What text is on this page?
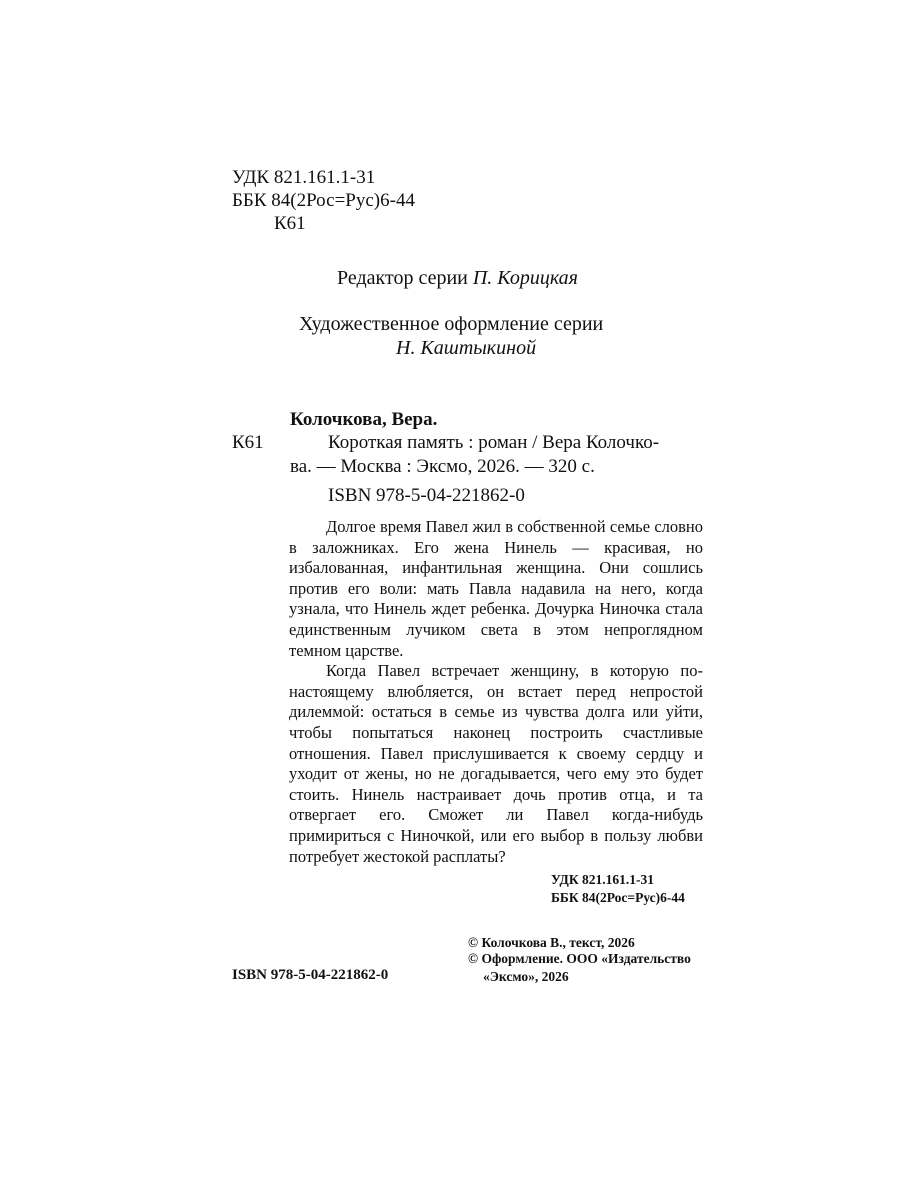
УДК 821.161.1-31
ББК 84(2Рос=Рус)6-44
К61
Редактор серии П. Корицкая
Художественное оформление серии
Н. Каштыкиной
Колочкова, Вера.
К61	Короткая память : роман / Вера Колочко-
ва. — Москва : Эксмо, 2026. — 320 с.
ISBN 978-5-04-221862-0

Долгое время Павел жил в собственной семье словно в заложниках. Его жена Нинель — красивая, но избалованная, инфантильная женщина. Они сошлись против его воли: мать Павла надавила на него, когда узнала, что Нинель ждет ребенка. Дочурка Ниночка стала единственным лучиком света в этом непроглядном темном царстве.

Когда Павел встречает женщину, в которую по-настоящему влюбляется, он встает перед непростой дилеммой: остаться в семье из чувства долга или уйти, чтобы попытаться наконец построить счастливые отношения. Павел прислушивается к своему сердцу и уходит от жены, но не догадывается, чего ему это будет стоить. Нинель настраивает дочь против отца, и та отвергает его. Сможет ли Павел когда-нибудь примириться с Ниночкой, или его выбор в пользу любви потребует жестокой расплаты?

УДК 821.161.1-31
ББК 84(2Рос=Рус)6-44
© Колочкова В., текст, 2026
© Оформление. ООО «Издательство
«Эксмо», 2026
ISBN 978-5-04-221862-0
